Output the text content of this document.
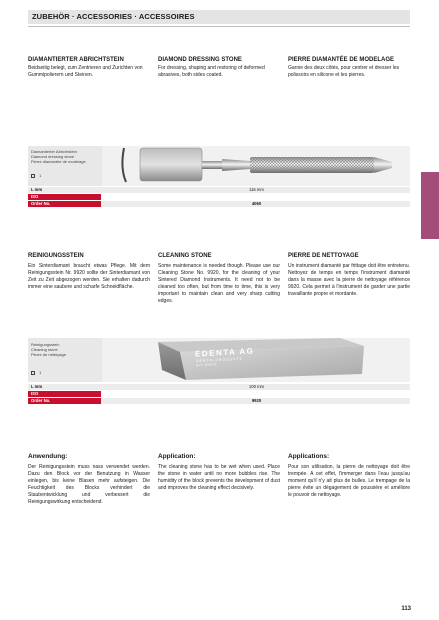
ZUBEHÖR · ACCESSORIES · ACCESSOIRES
DIAMANTIERTER ABRICHTSTEIN
Beidseitig belegt, zum Zentrieren und Zurichten von Gummipolierern und Steinen.
DIAMOND DRESSING STONE
For dressing, shaping and restoring of deformed abrasives, both sides coated.
PIERRE DIAMANTÉE DE MODELAGE
Garnie des deux côtés, pour centrer et dresser les polissoirs en silicone et les pierres.
Diamantierter Abrichtstein
Diamond dressing stone
Pierre diamantée de modelage
1
L mm	116 mm
ISO
Order No.	4060
REINIGUNGSSTEIN
Ein Sinterdiamant braucht etwas Pflege. Mit dem Reinigungsstein Nr. 9920 sollte der Sinterdiamant von Zeit zu Zeit abgezogen werden. Sie erhalten dadurch immer eine saubere und scharfe Schneidfläche.
CLEANING STONE
Some maintenance is needed though. Please use our Cleaning Stone No. 9920, for the cleaning of your Sintered Diamond Instruments. It need not to be cleaned too often, but from time to time, this is very important to maintain clean and very sharp cutting edges.
PIERRE DE NETTOYAGE
Un instrument diamanté par frittage doit être entretenu. Nettoyez de temps en temps l'instrument diamanté dans la masse avec la pierre de nettoyage référence 9920. Cela permet à l'instrument de garder une partie travaillante propre et mordante.
Reinigungsstein
Cleaning stone
Pierre de nettoyage
1
EDENTA AG
DENTALPRODUKTE
Art.9920
L mm	100 mm
ISO
Order No.	9920
Anwendung:
Der Reinigungsstein muss nass verwendet werden. Dazu den Block vor der Benutzung in Wasser einlegen, bis keine Blasen mehr aufsteigen. Die Feuchtigkeit des Blocks verhindert die Staubentwicklung und verbessert die Reinigungswirkung entscheidend.
Application:
The cleaning stone has to be wet when used. Place the stone in water until no more bubbles rise. The humidity of the block prevents the development of dust and improves the cleaning effect decisively.
Applications:
Pour son utilisation, la pierre de nettoyage doit être trempée. A cet effet, l'immerger dans l'eau jusqu'au moment qu'il n'y ait plus de bulles. Le trempage de la pierre évite un dégagement de poussière et améliore le pouvoir de nettoyage.
113
